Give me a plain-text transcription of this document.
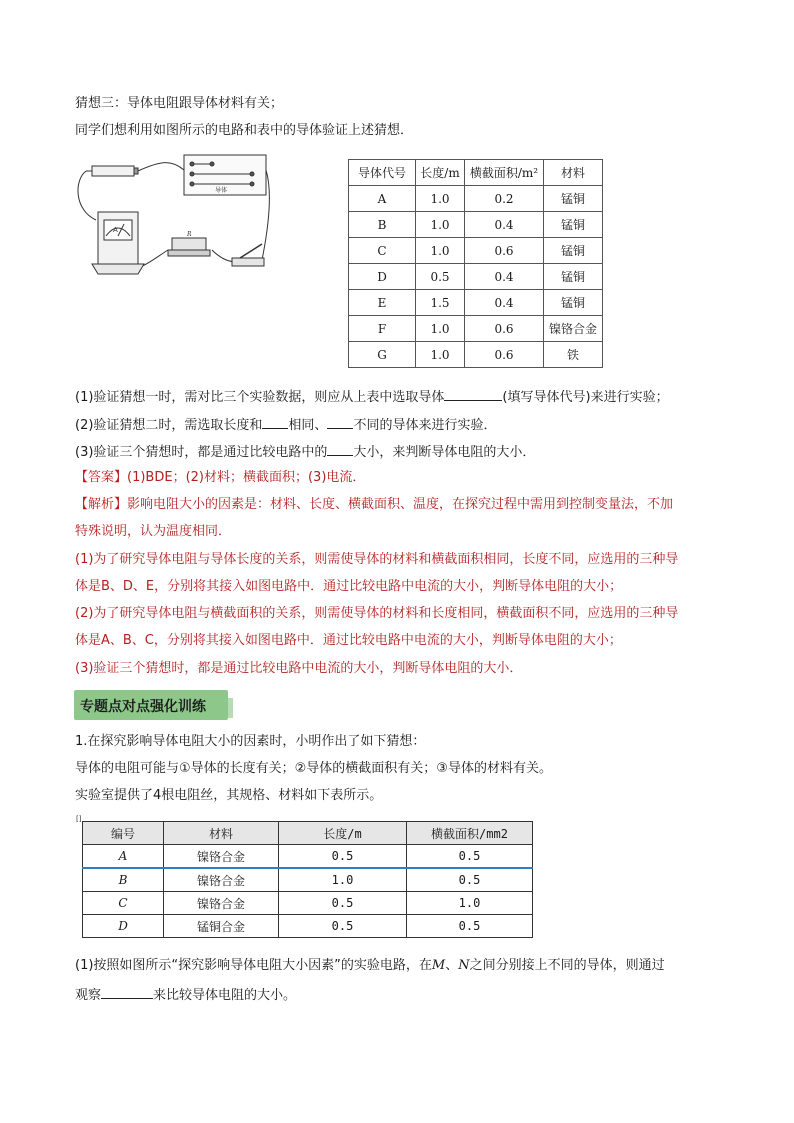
猜想三：导体电阻跟导体材料有关；
同学们想利用如图所示的电路和表中的导体验证上述猜想．
导体
R
A
导体代号	长度/m	横截面积/m²	材料
A	1.0	0.2	锰铜
B	1.0	0.4	锰铜
C	1.0	0.6	锰铜
D	0.5	0.4	锰铜
E	1.5	0.4	锰铜
F	1.0	0.6	镍铬合金
G	1.0	0.6	铁
(1)验证猜想一时，需对比三个实验数据，则应从上表中选取导体	(填写导体代号)来进行实验；
(2)验证猜想二时，需选取长度和 相同、 不同的导体来进行实验．
(3)验证三个猜想时，都是通过比较电路中的 大小，来判断导体电阻的大小．
【答案】(1)BDE；(2)材料；横截面积；(3)电流．
【解析】影响电阻大小的因素是：材料、长度、横截面积、温度，在探究过程中需用到控制变量法，不加
特殊说明，认为温度相同．
(1)为了研究导体电阻与导体长度的关系，则需使导体的材料和横截面积相同，长度不同，应选用的三种导
体是B、D、E，分别将其接入如图电路中．通过比较电路中电流的大小，判断导体电阻的大小；
(2)为了研究导体电阻与横截面积的关系，则需使导体的材料和长度相同，横截面积不同，应选用的三种导
体是A、B、C，分别将其接入如图电路中．通过比较电路中电流的大小，判断导体电阻的大小；
(3)验证三个猜想时，都是通过比较电路中电流的大小，判断导体电阻的大小．
专题点对点强化训练
1.在探究影响导体电阻大小的因素时，小明作出了如下猜想：
导体的电阻可能与①导体的长度有关；②导体的横截面积有关；③导体的材料有关。
实验室提供了4根电阻丝，其规格、材料如下表所示。
[]
编号	材料	长度/m	横截面积/mm2
A	镍铬合金	0.5	0.5
B	镍铬合金	1.0	0.5
C	镍铬合金	0.5	1.0
D	锰铜合金	0.5	0.5
(1)按照如图所示“探究影响导体电阻大小因素”的实验电路，在M、N之间分别接上不同的导体，则通过
观察	来比较导体电阻的大小。
